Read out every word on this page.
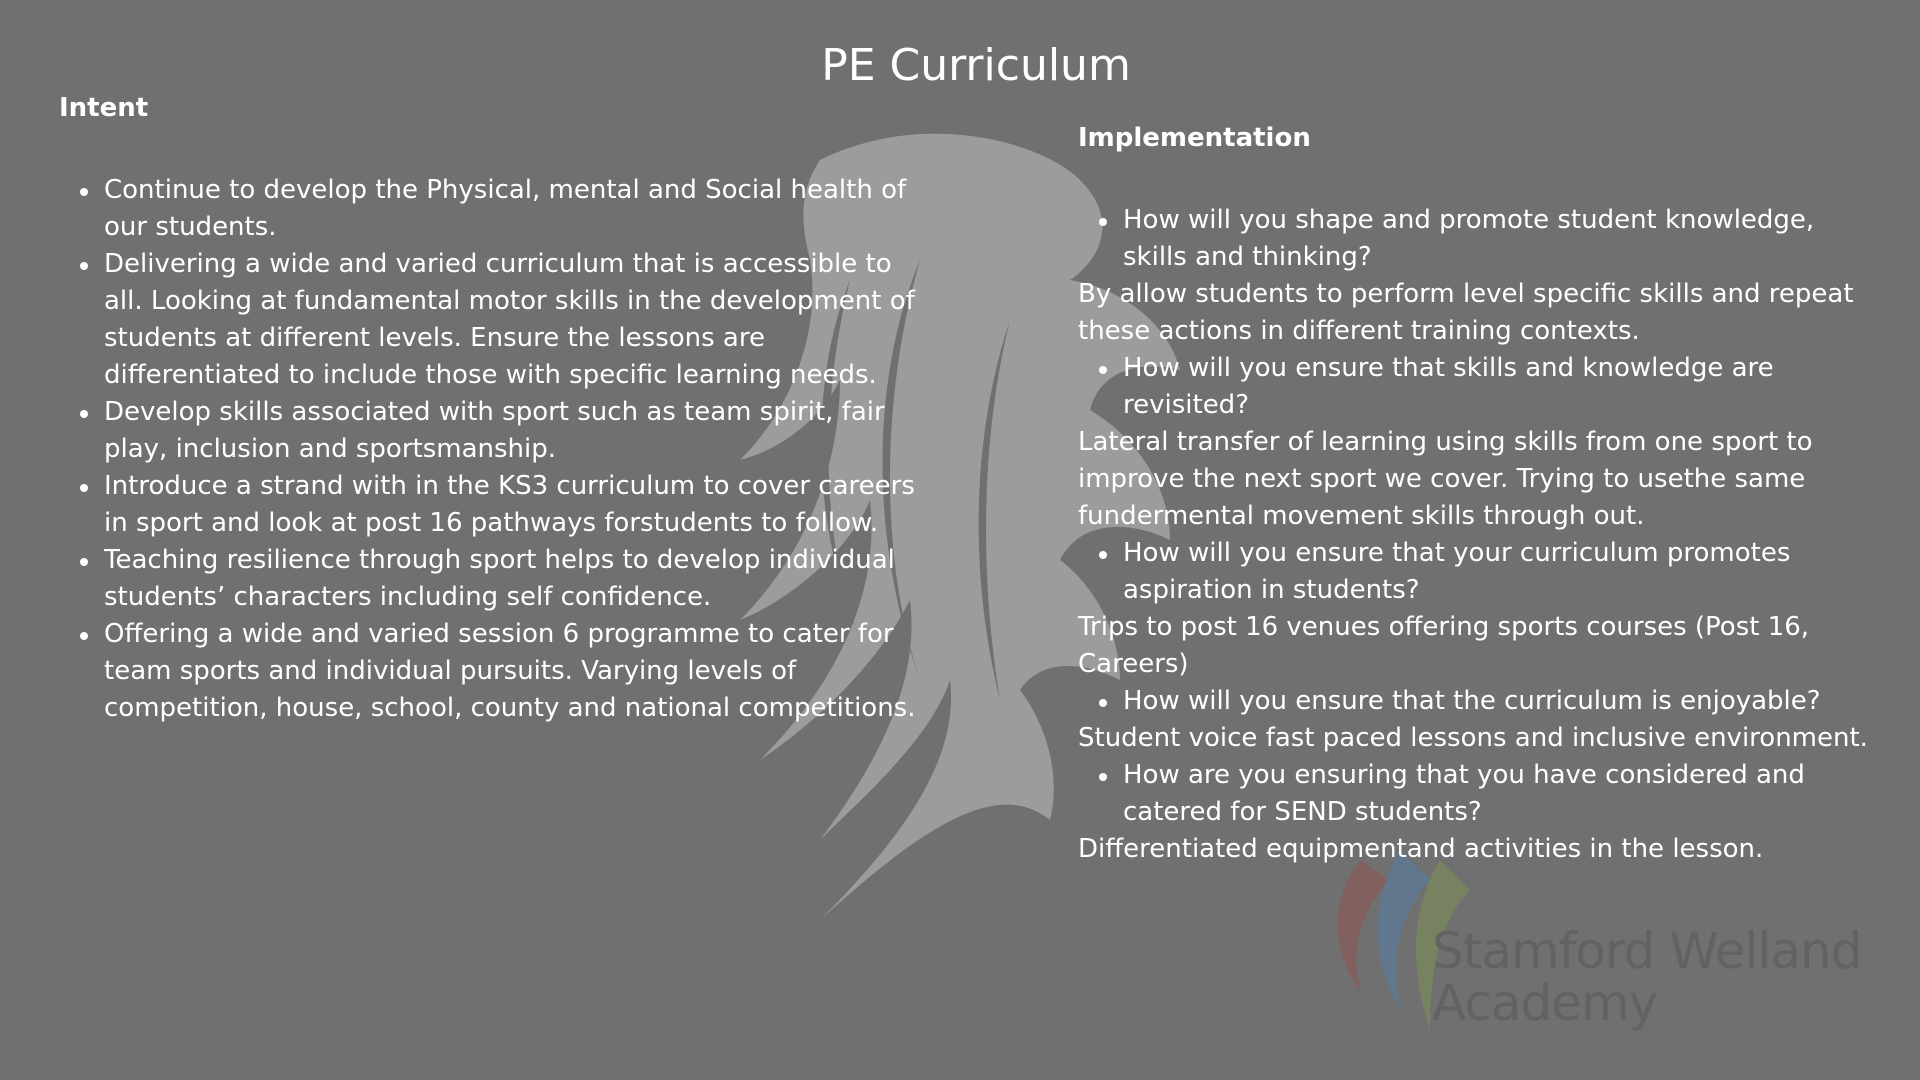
Stamford Welland
Academy
PE Curriculum
Intent
Continue to develop the Physical, mental and Social health of our students.
Delivering a wide and varied curriculum that is accessible to all. Looking at fundamental motor skills in the development of students at different levels. Ensure the lessons are differentiated to include those with specific learning needs.
Develop skills associated with sport such as team spirit, fair play, inclusion and sportsmanship.
Introduce a strand with in the KS3 curriculum to cover careers in sport and look at post 16 pathways forstudents to follow.
Teaching resilience through sport helps to develop individual students’ characters including self confidence.
Offering a wide and varied session 6 programme to cater for team sports and individual pursuits. Varying levels of competition, house, school, county and national competitions.
Implementation
How will you shape and promote student knowledge, skills and thinking?
By allow students to perform level specific skills and repeat these actions in different training contexts.
How will you ensure that skills and knowledge are revisited?
Lateral transfer of learning using skills from one sport to improve the next sport we cover. Trying to usethe same fundermental movement skills through out.
How will you ensure that your curriculum promotes aspiration in students?
Trips to post 16 venues offering sports courses (Post 16, Careers)
How will you ensure that the curriculum is enjoyable?
Student voice fast paced lessons and inclusive environment.
How are you ensuring that you have considered and catered for SEND students?
Differentiated equipmentand activities in the lesson.
